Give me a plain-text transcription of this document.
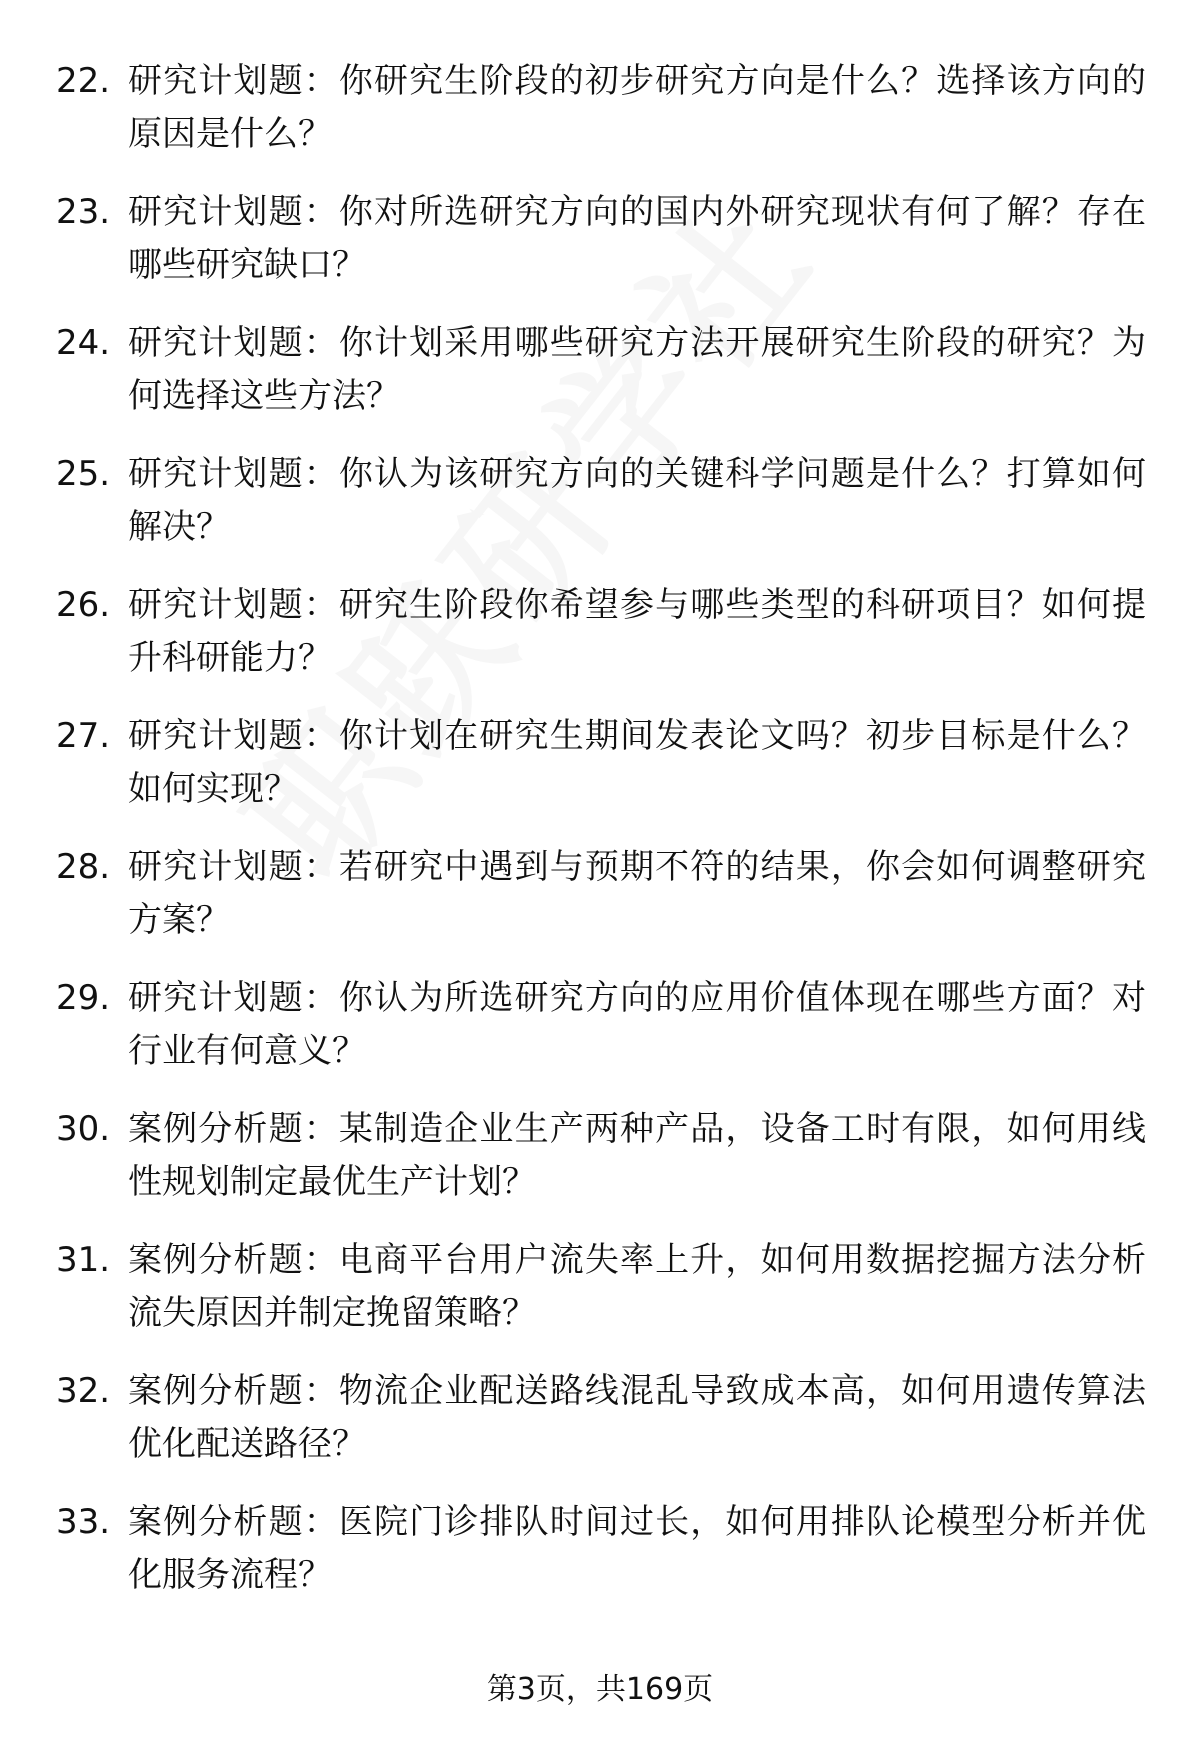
22. 研究计划题：你研究生阶段的初步研究方向是什么？选择该方向的原因是什么？
23. 研究计划题：你对所选研究方向的国内外研究现状有何了解？存在哪些研究缺口？
24. 研究计划题：你计划采用哪些研究方法开展研究生阶段的研究？为何选择这些方法？
25. 研究计划题：你认为该研究方向的关键科学问题是什么？打算如何解决？
26. 研究计划题：研究生阶段你希望参与哪些类型的科研项目？如何提升科研能力？
27. 研究计划题：你计划在研究生期间发表论文吗？初步目标是什么？如何实现？
28. 研究计划题：若研究中遇到与预期不符的结果，你会如何调整研究方案？
29. 研究计划题：你认为所选研究方向的应用价值体现在哪些方面？对行业有何意义？
30. 案例分析题：某制造企业生产两种产品，设备工时有限，如何用线性规划制定最优生产计划？
31. 案例分析题：电商平台用户流失率上升，如何用数据挖掘方法分析流失原因并制定挽留策略？
32. 案例分析题：物流企业配送路线混乱导致成本高，如何用遗传算法优化配送路径？
33. 案例分析题：医院门诊排队时间过长，如何用排队论模型分析并优化服务流程？
第3页，共169页
